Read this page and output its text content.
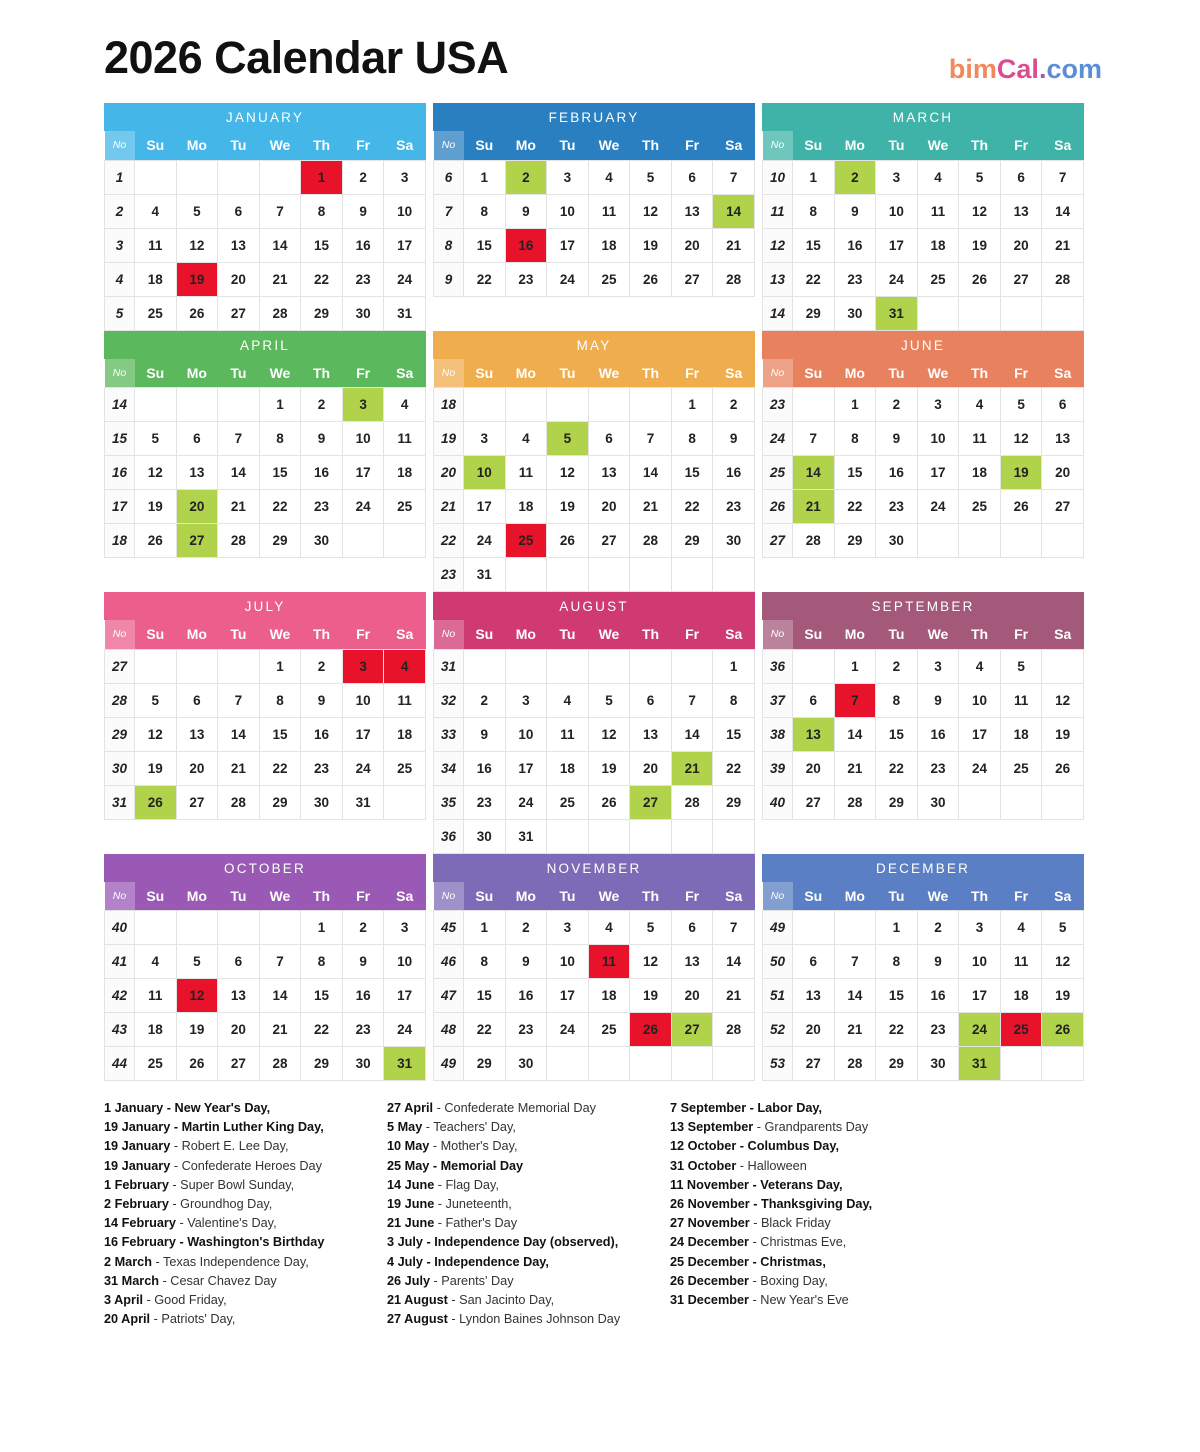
2026 Calendar USA	bimCal.com
JANUARY
No	Su	Mo	Tu	We	Th	Fr	Sa
1					1	2	3
2	4	5	6	7	8	9	10
3	11	12	13	14	15	16	17
4	18	19	20	21	22	23	24
5	25	26	27	28	29	30	31
FEBRUARY
No	Su	Mo	Tu	We	Th	Fr	Sa
6	1	2	3	4	5	6	7
7	8	9	10	11	12	13	14
8	15	16	17	18	19	20	21
9	22	23	24	25	26	27	28
MARCH
No	Su	Mo	Tu	We	Th	Fr	Sa
10	1	2	3	4	5	6	7
11	8	9	10	11	12	13	14
12	15	16	17	18	19	20	21
13	22	23	24	25	26	27	28
14	29	30	31				
APRIL
No	Su	Mo	Tu	We	Th	Fr	Sa
14				1	2	3	4
15	5	6	7	8	9	10	11
16	12	13	14	15	16	17	18
17	19	20	21	22	23	24	25
18	26	27	28	29	30		
MAY
No	Su	Mo	Tu	We	Th	Fr	Sa
18						1	2
19	3	4	5	6	7	8	9
20	10	11	12	13	14	15	16
21	17	18	19	20	21	22	23
22	24	25	26	27	28	29	30
23	31						
JUNE
No	Su	Mo	Tu	We	Th	Fr	Sa
23		1	2	3	4	5	6
24	7	8	9	10	11	12	13
25	14	15	16	17	18	19	20
26	21	22	23	24	25	26	27
27	28	29	30				
JULY
No	Su	Mo	Tu	We	Th	Fr	Sa
27				1	2	3	4
28	5	6	7	8	9	10	11
29	12	13	14	15	16	17	18
30	19	20	21	22	23	24	25
31	26	27	28	29	30	31	
AUGUST
No	Su	Mo	Tu	We	Th	Fr	Sa
31							1
32	2	3	4	5	6	7	8
33	9	10	11	12	13	14	15
34	16	17	18	19	20	21	22
35	23	24	25	26	27	28	29
36	30	31					
SEPTEMBER
No	Su	Mo	Tu	We	Th	Fr	Sa
36		1	2	3	4	5	
37	6	7	8	9	10	11	12
38	13	14	15	16	17	18	19
39	20	21	22	23	24	25	26
40	27	28	29	30			
OCTOBER
No	Su	Mo	Tu	We	Th	Fr	Sa
40					1	2	3
41	4	5	6	7	8	9	10
42	11	12	13	14	15	16	17
43	18	19	20	21	22	23	24
44	25	26	27	28	29	30	31
NOVEMBER
No	Su	Mo	Tu	We	Th	Fr	Sa
45	1	2	3	4	5	6	7
46	8	9	10	11	12	13	14
47	15	16	17	18	19	20	21
48	22	23	24	25	26	27	28
49	29	30					
DECEMBER
No	Su	Mo	Tu	We	Th	Fr	Sa
49			1	2	3	4	5
50	6	7	8	9	10	11	12
51	13	14	15	16	17	18	19
52	20	21	22	23	24	25	26
53	27	28	29	30	31		
1 January - New Year's Day,
19 January - Martin Luther King Day,
19 January - Robert E. Lee Day,
19 January - Confederate Heroes Day
1 February - Super Bowl Sunday,
2 February - Groundhog Day,
14 February - Valentine's Day,
16 February - Washington's Birthday
2 March - Texas Independence Day,
31 March - Cesar Chavez Day
3 April - Good Friday,
20 April - Patriots' Day,
27 April - Confederate Memorial Day
5 May - Teachers' Day,
10 May - Mother's Day,
25 May - Memorial Day
14 June - Flag Day,
19 June - Juneteenth,
21 June - Father's Day
3 July - Independence Day (observed),
4 July - Independence Day,
26 July - Parents' Day
21 August - San Jacinto Day,
27 August - Lyndon Baines Johnson Day
7 September - Labor Day,
13 September - Grandparents Day
12 October - Columbus Day,
31 October - Halloween
11 November - Veterans Day,
26 November - Thanksgiving Day,
27 November - Black Friday
24 December - Christmas Eve,
25 December - Christmas,
26 December - Boxing Day,
31 December - New Year's Eve
